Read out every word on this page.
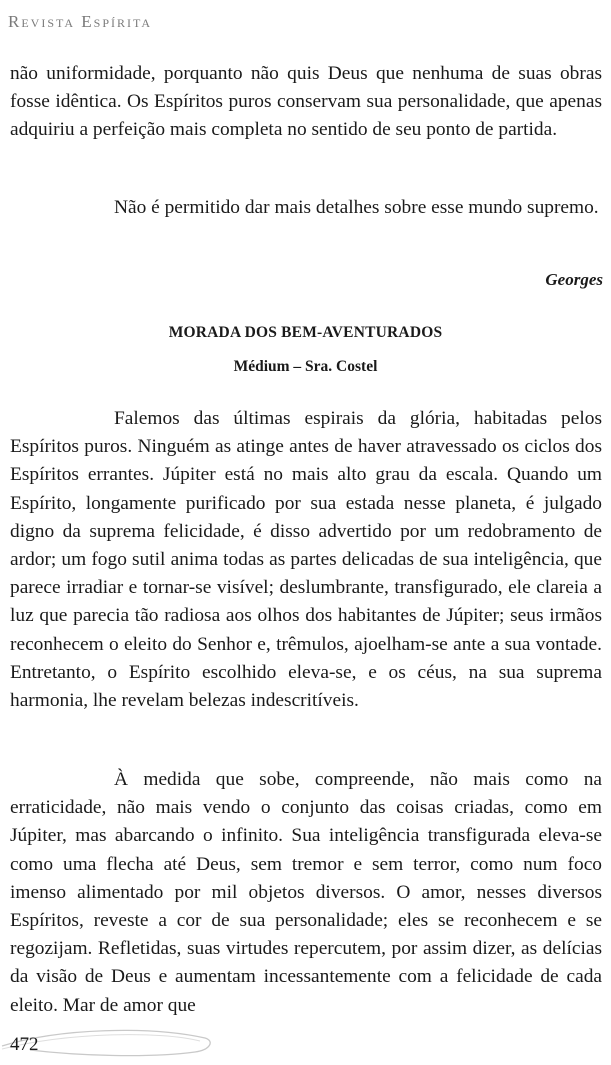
Revista Espírita

não uniformidade, porquanto não quis Deus que nenhuma de suas obras fosse idêntica. Os Espíritos puros conservam sua personalidade, que apenas adquiriu a perfeição mais completa no sentido de seu ponto de partida.

Não é permitido dar mais detalhes sobre esse mundo supremo.

Georges

MORADA DOS BEM-AVENTURADOS

Médium – Sra. Costel

Falemos das últimas espirais da glória, habitadas pelos Espíritos puros. Ninguém as atinge antes de haver atravessado os ciclos dos Espíritos errantes. Júpiter está no mais alto grau da escala. Quando um Espírito, longamente purificado por sua estada nesse planeta, é julgado digno da suprema felicidade, é disso advertido por um redobramento de ardor; um fogo sutil anima todas as partes delicadas de sua inteligência, que parece irradiar e tornar-se visível; deslumbrante, transfigurado, ele clareia a luz que parecia tão radiosa aos olhos dos habitantes de Júpiter; seus irmãos reconhecem o eleito do Senhor e, trêmulos, ajoelham-se ante a sua vontade. Entretanto, o Espírito escolhido eleva-se, e os céus, na sua suprema harmonia, lhe revelam belezas indescritíveis.

À medida que sobe, compreende, não mais como na erraticidade, não mais vendo o conjunto das coisas criadas, como em Júpiter, mas abarcando o infinito. Sua inteligência transfigurada eleva-se como uma flecha até Deus, sem tremor e sem terror, como num foco imenso alimentado por mil objetos diversos. O amor, nesses diversos Espíritos, reveste a cor de sua personalidade; eles se reconhecem e se regozijam. Refletidas, suas virtudes repercutem, por assim dizer, as delícias da visão de Deus e aumentam incessantemente com a felicidade de cada eleito. Mar de amor que

472
